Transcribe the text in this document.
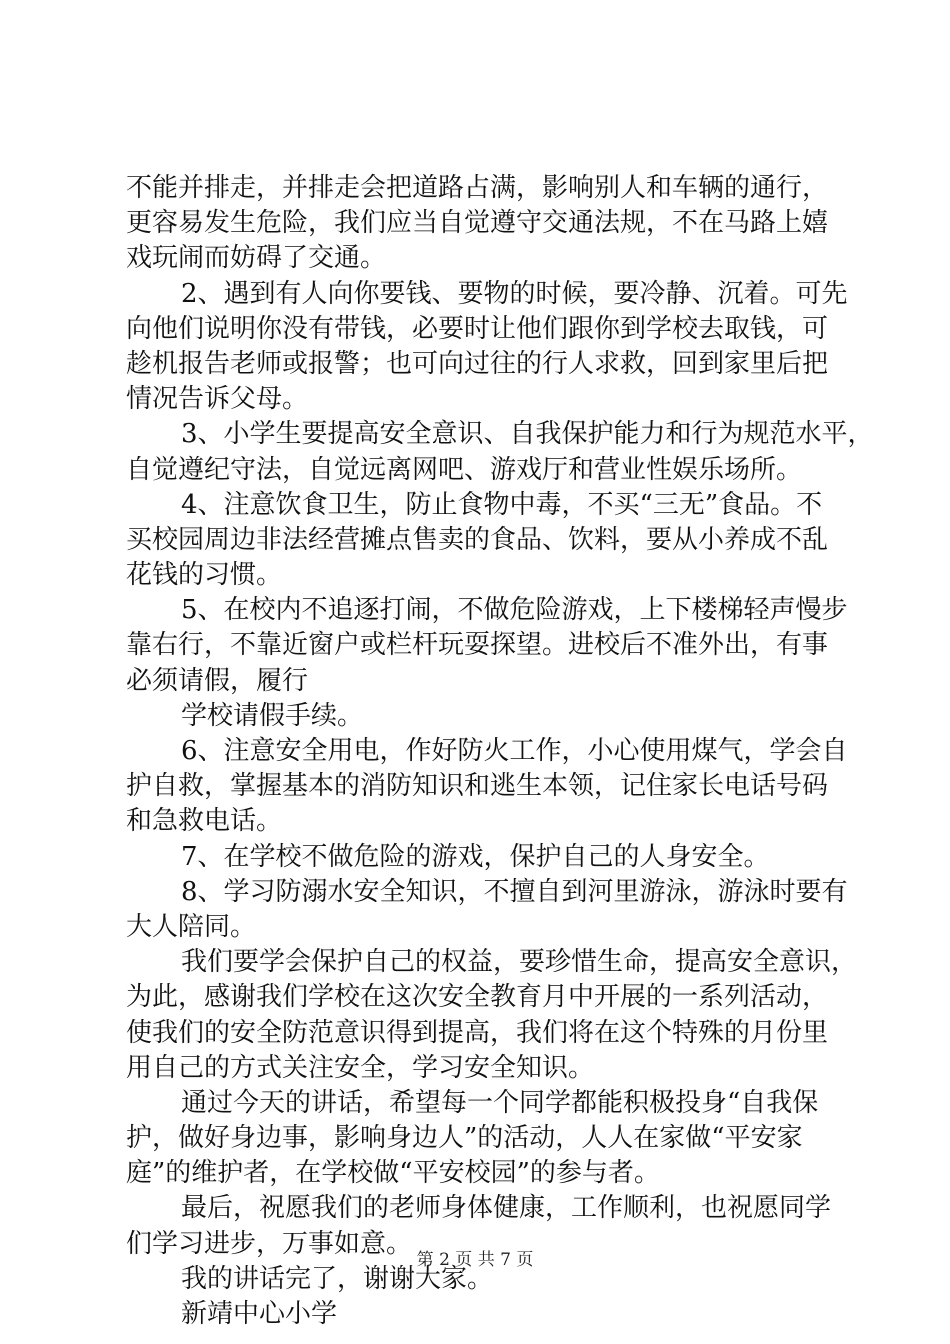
不能并排走，并排走会把道路占满，影响别人和车辆的通行，
更容易发生危险，我们应当自觉遵守交通法规，不在马路上嬉
戏玩闹而妨碍了交通。
2、遇到有人向你要钱、要物的时候，要冷静、沉着。可先
向他们说明你没有带钱，必要时让他们跟你到学校去取钱，可
趁机报告老师或报警；也可向过往的行人求救，回到家里后把
情况告诉父母。
3、小学生要提高安全意识、自我保护能力和行为规范水平，
自觉遵纪守法，自觉远离网吧、游戏厅和营业性娱乐场所。
4、注意饮食卫生，防止食物中毒，不买“三无”食品。不
买校园周边非法经营摊点售卖的食品、饮料，要从小养成不乱
花钱的习惯。
5、在校内不追逐打闹，不做危险游戏，上下楼梯轻声慢步
靠右行，不靠近窗户或栏杆玩耍探望。进校后不准外出，有事
必须请假，履行
学校请假手续。
6、注意安全用电，作好防火工作，小心使用煤气，学会自
护自救，掌握基本的消防知识和逃生本领，记住家长电话号码
和急救电话。
7、在学校不做危险的游戏，保护自己的人身安全。
8、学习防溺水安全知识，不擅自到河里游泳，游泳时要有
大人陪同。
我们要学会保护自己的权益，要珍惜生命，提高安全意识，
为此，感谢我们学校在这次安全教育月中开展的一系列活动，
使我们的安全防范意识得到提高，我们将在这个特殊的月份里
用自己的方式关注安全，学习安全知识。
通过今天的讲话，希望每一个同学都能积极投身“自我保
护，做好身边事，影响身边人”的活动，人人在家做“平安家
庭”的维护者，在学校做“平安校园”的参与者。
最后，祝愿我们的老师身体健康，工作顺利，也祝愿同学
们学习进步，万事如意。
我的讲话完了，谢谢大家。
新靖中心小学
第 2 页 共 7 页
